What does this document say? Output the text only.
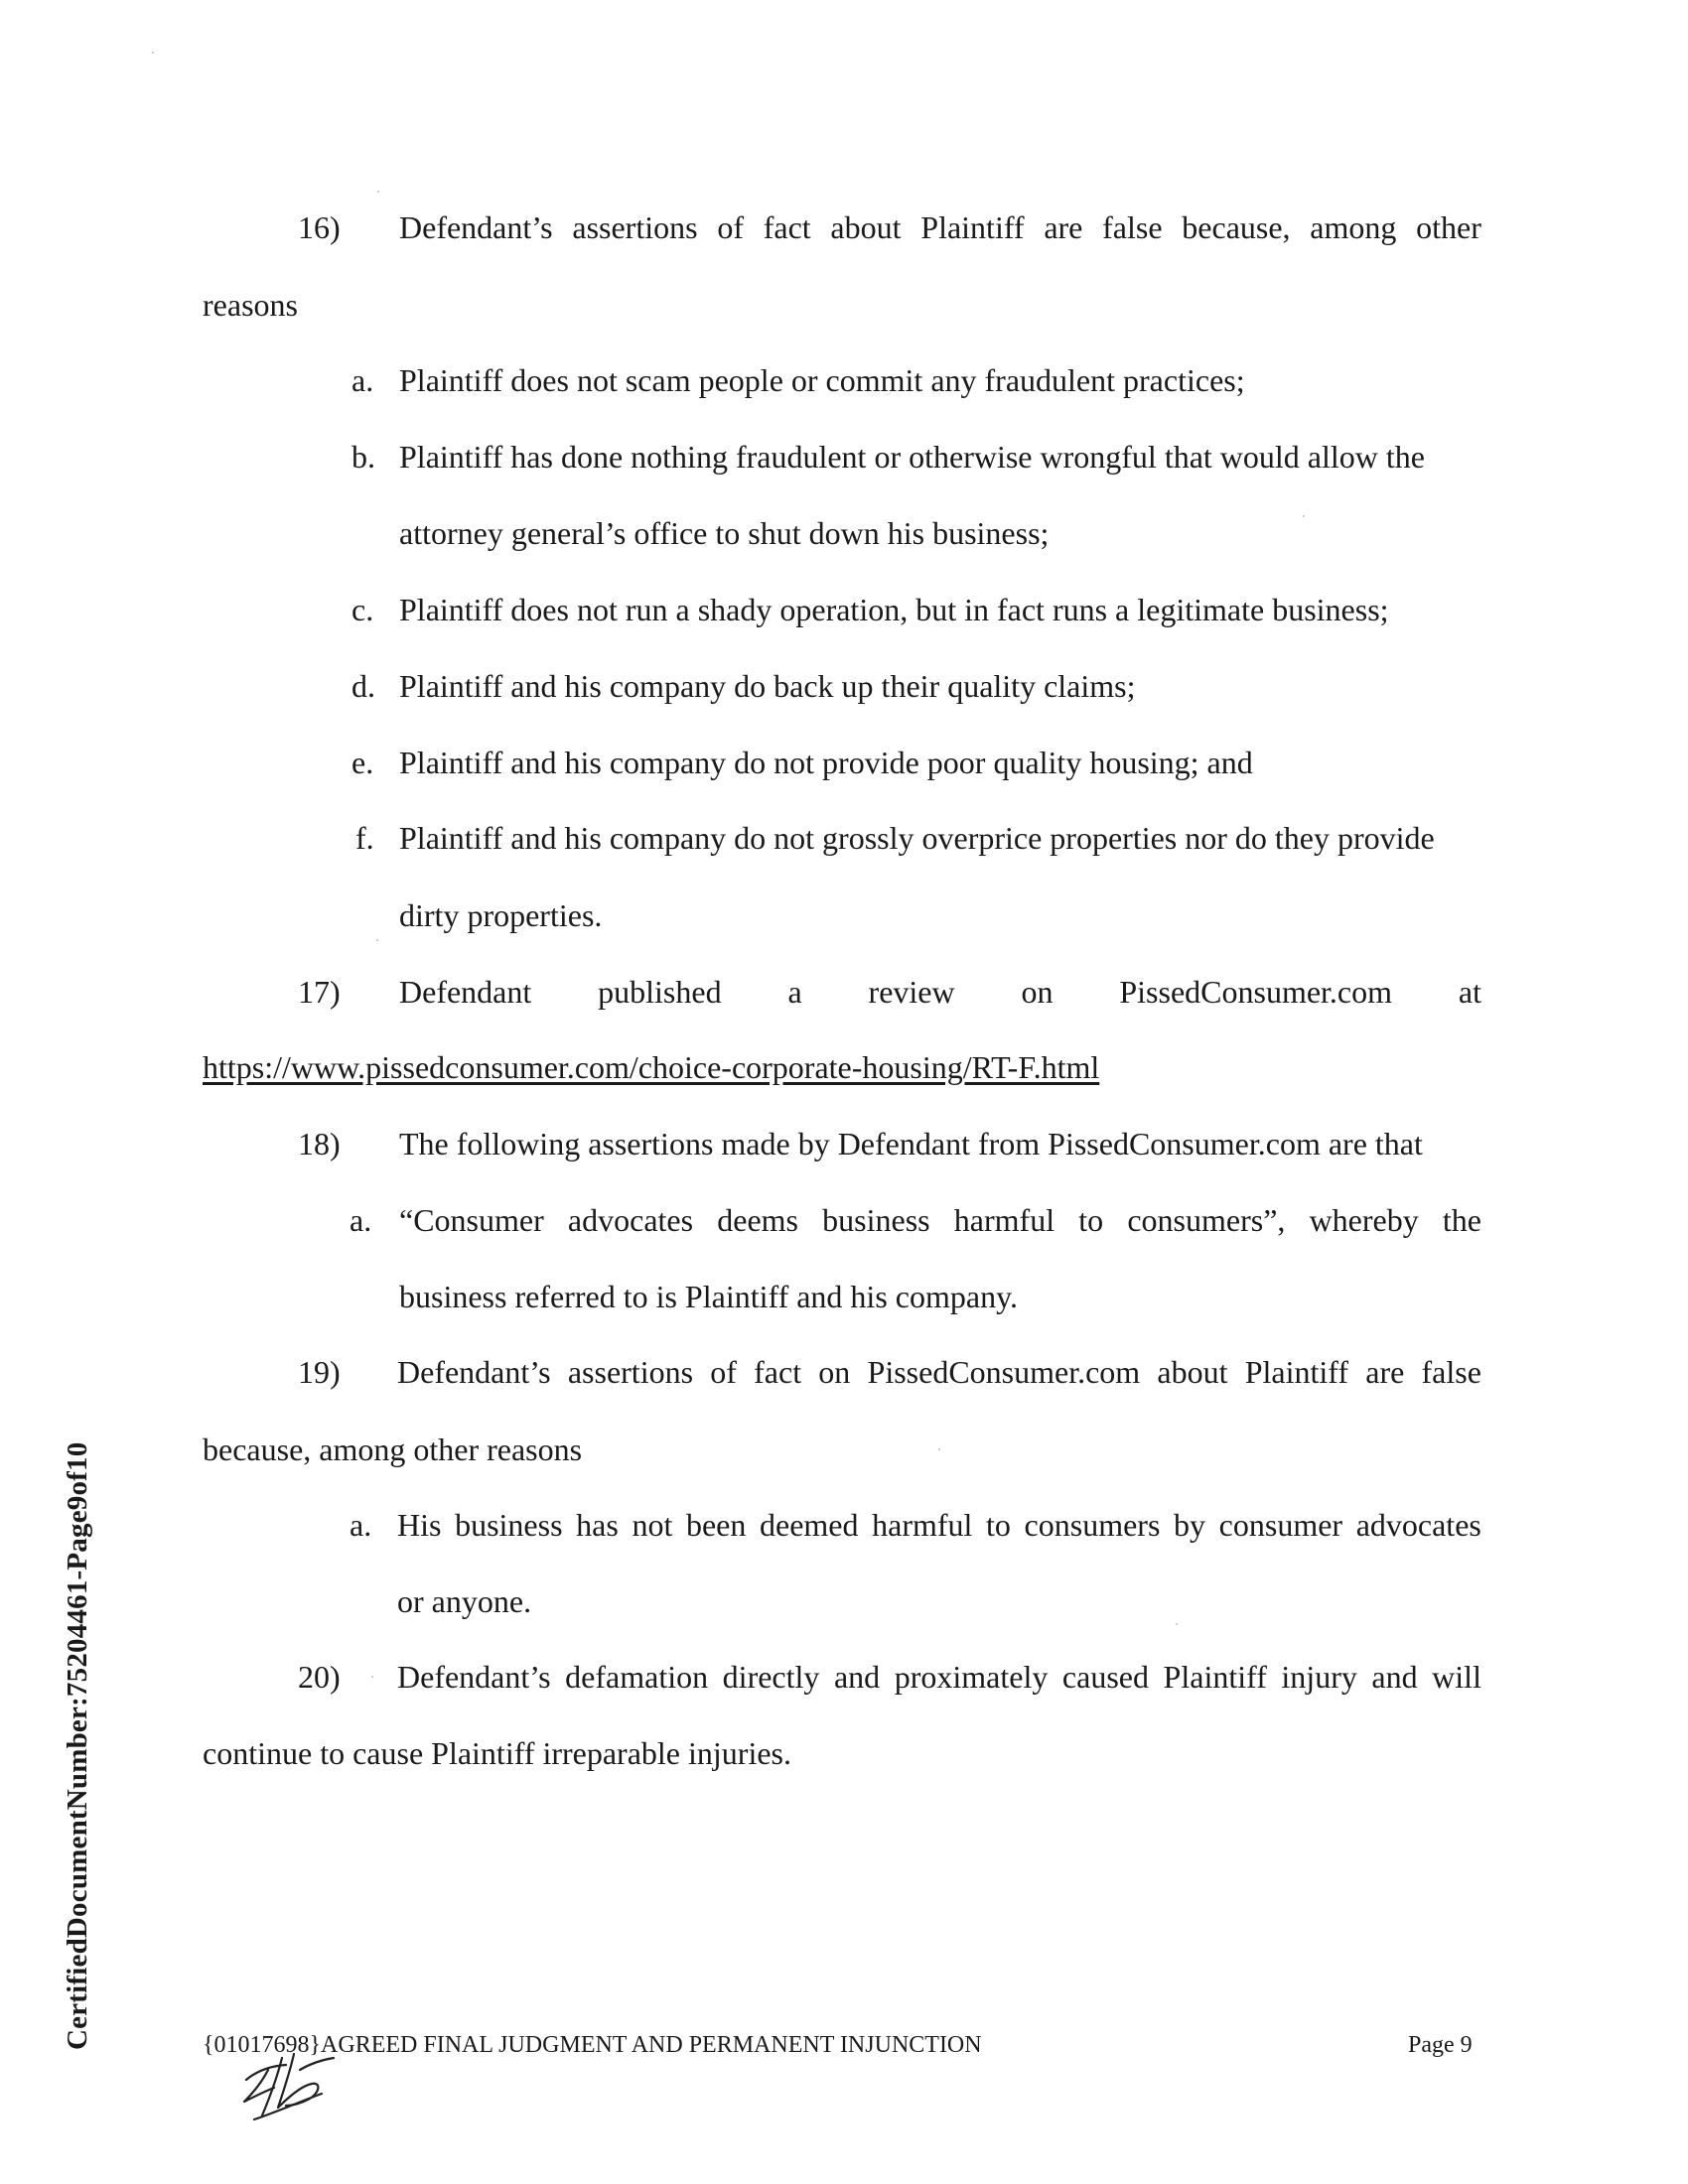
16) Defendant’s assertions of fact about Plaintiff are false because, among other
reasons
a. Plaintiff does not scam people or commit any fraudulent practices;
b. Plaintiff has done nothing fraudulent or otherwise wrongful that would allow the
attorney general’s office to shut down his business;
c. Plaintiff does not run a shady operation, but in fact runs a legitimate business;
d. Plaintiff and his company do back up their quality claims;
e. Plaintiff and his company do not provide poor quality housing; and
f. Plaintiff and his company do not grossly overprice properties nor do they provide
dirty properties.
17) Defendant published a review on PissedConsumer.com at
https://www.pissedconsumer.com/choice-corporate-housing/RT-F.html
18) The following assertions made by Defendant from PissedConsumer.com are that
a. “Consumer advocates deems business harmful to consumers”, whereby the
business referred to is Plaintiff and his company.
19) Defendant’s assertions of fact on PissedConsumer.com about Plaintiff are false
because, among other reasons
a. His business has not been deemed harmful to consumers by consumer advocates
or anyone.
20) Defendant’s defamation directly and proximately caused Plaintiff injury and will
continue to cause Plaintiff irreparable injuries.
{01017698}AGREED FINAL JUDGMENT AND PERMANENT INJUNCTION	Page 9
CertifiedDocumentNumber:75204461-Page9of10
